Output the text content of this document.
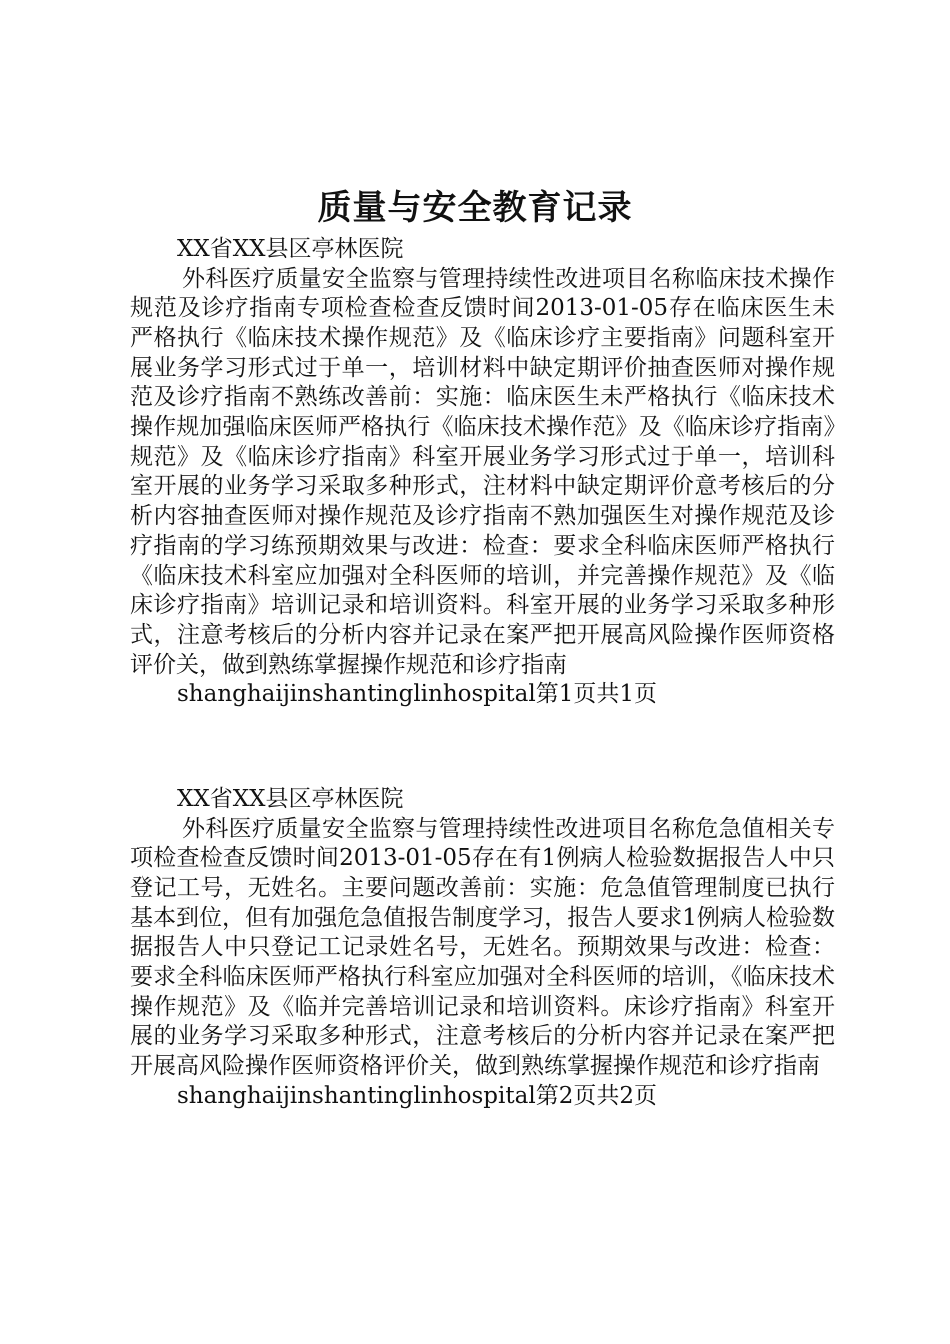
质量与安全教育记录

XX省XX县区亭林医院

外科医疗质量安全监察与管理持续性改进项目名称临床技术操作规范及诊疗指南专项检查检查反馈时间2013-01-05存在临床医生未严格执行《临床技术操作规范》及《临床诊疗主要指南》问题科室开展业务学习形式过于单一，培训材料中缺定期评价抽查医师对操作规范及诊疗指南不熟练改善前：实施：临床医生未严格执行《临床技术操作规加强临床医师严格执行《临床技术操作范》及《临床诊疗指南》规范》及《临床诊疗指南》科室开展业务学习形式过于单一，培训科室开展的业务学习采取多种形式，注材料中缺定期评价意考核后的分析内容抽查医师对操作规范及诊疗指南不熟加强医生对操作规范及诊疗指南的学习练预期效果与改进：检查：要求全科临床医师严格执行《临床技术科室应加强对全科医师的培训，并完善操作规范》及《临床诊疗指南》培训记录和培训资料。科室开展的业务学习采取多种形式，注意考核后的分析内容并记录在案严把开展高风险操作医师资格评价关，做到熟练掌握操作规范和诊疗指南

shanghaijinshantinglinhospital第1页共1页

XX省XX县区亭林医院

外科医疗质量安全监察与管理持续性改进项目名称危急值相关专项检查检查反馈时间2013-01-05存在有1例病人检验数据报告人中只登记工号，无姓名。主要问题改善前：实施：危急值管理制度已执行基本到位，但有加强危急值报告制度学习，报告人要求1例病人检验数据报告人中只登记工记录姓名号，无姓名。预期效果与改进：检查：要求全科临床医师严格执行科室应加强对全科医师的培训，《临床技术操作规范》及《临并完善培训记录和培训资料。床诊疗指南》科室开展的业务学习采取多种形式，注意考核后的分析内容并记录在案严把开展高风险操作医师资格评价关，做到熟练掌握操作规范和诊疗指南

shanghaijinshantinglinhospital第2页共2页
